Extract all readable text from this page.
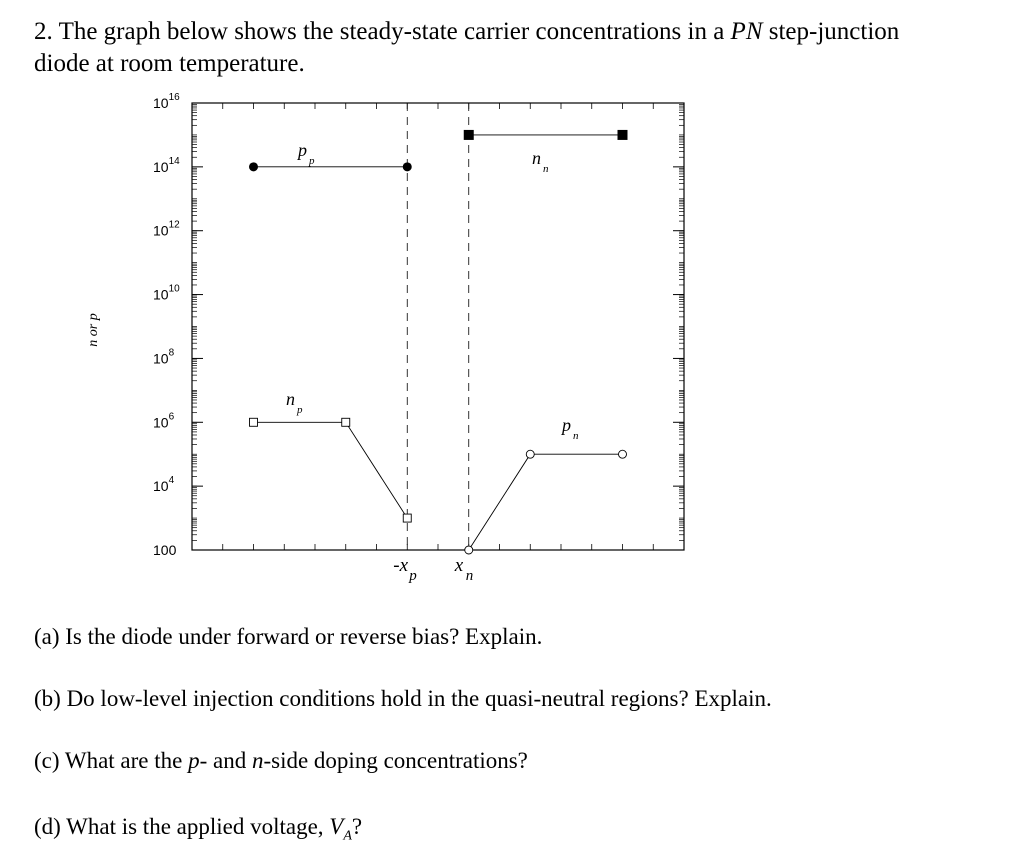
2. The graph below shows the steady-state carrier concentrations in a PN step-junction
diode at room temperature.
100
$10^4$
$10^6$
$10^8$
$10^{10}$
$10^{12}$
$10^{14}$
$10^{16}$
-x p x n
n or p
p
p
n
p
n
n
p
n
(a) Is the diode under forward or reverse bias? Explain.
(b) Do low-level injection conditions hold in the quasi-neutral regions? Explain.
(c) What are the p- and n-side doping concentrations?
(d) What is the applied voltage, $V_A$?
